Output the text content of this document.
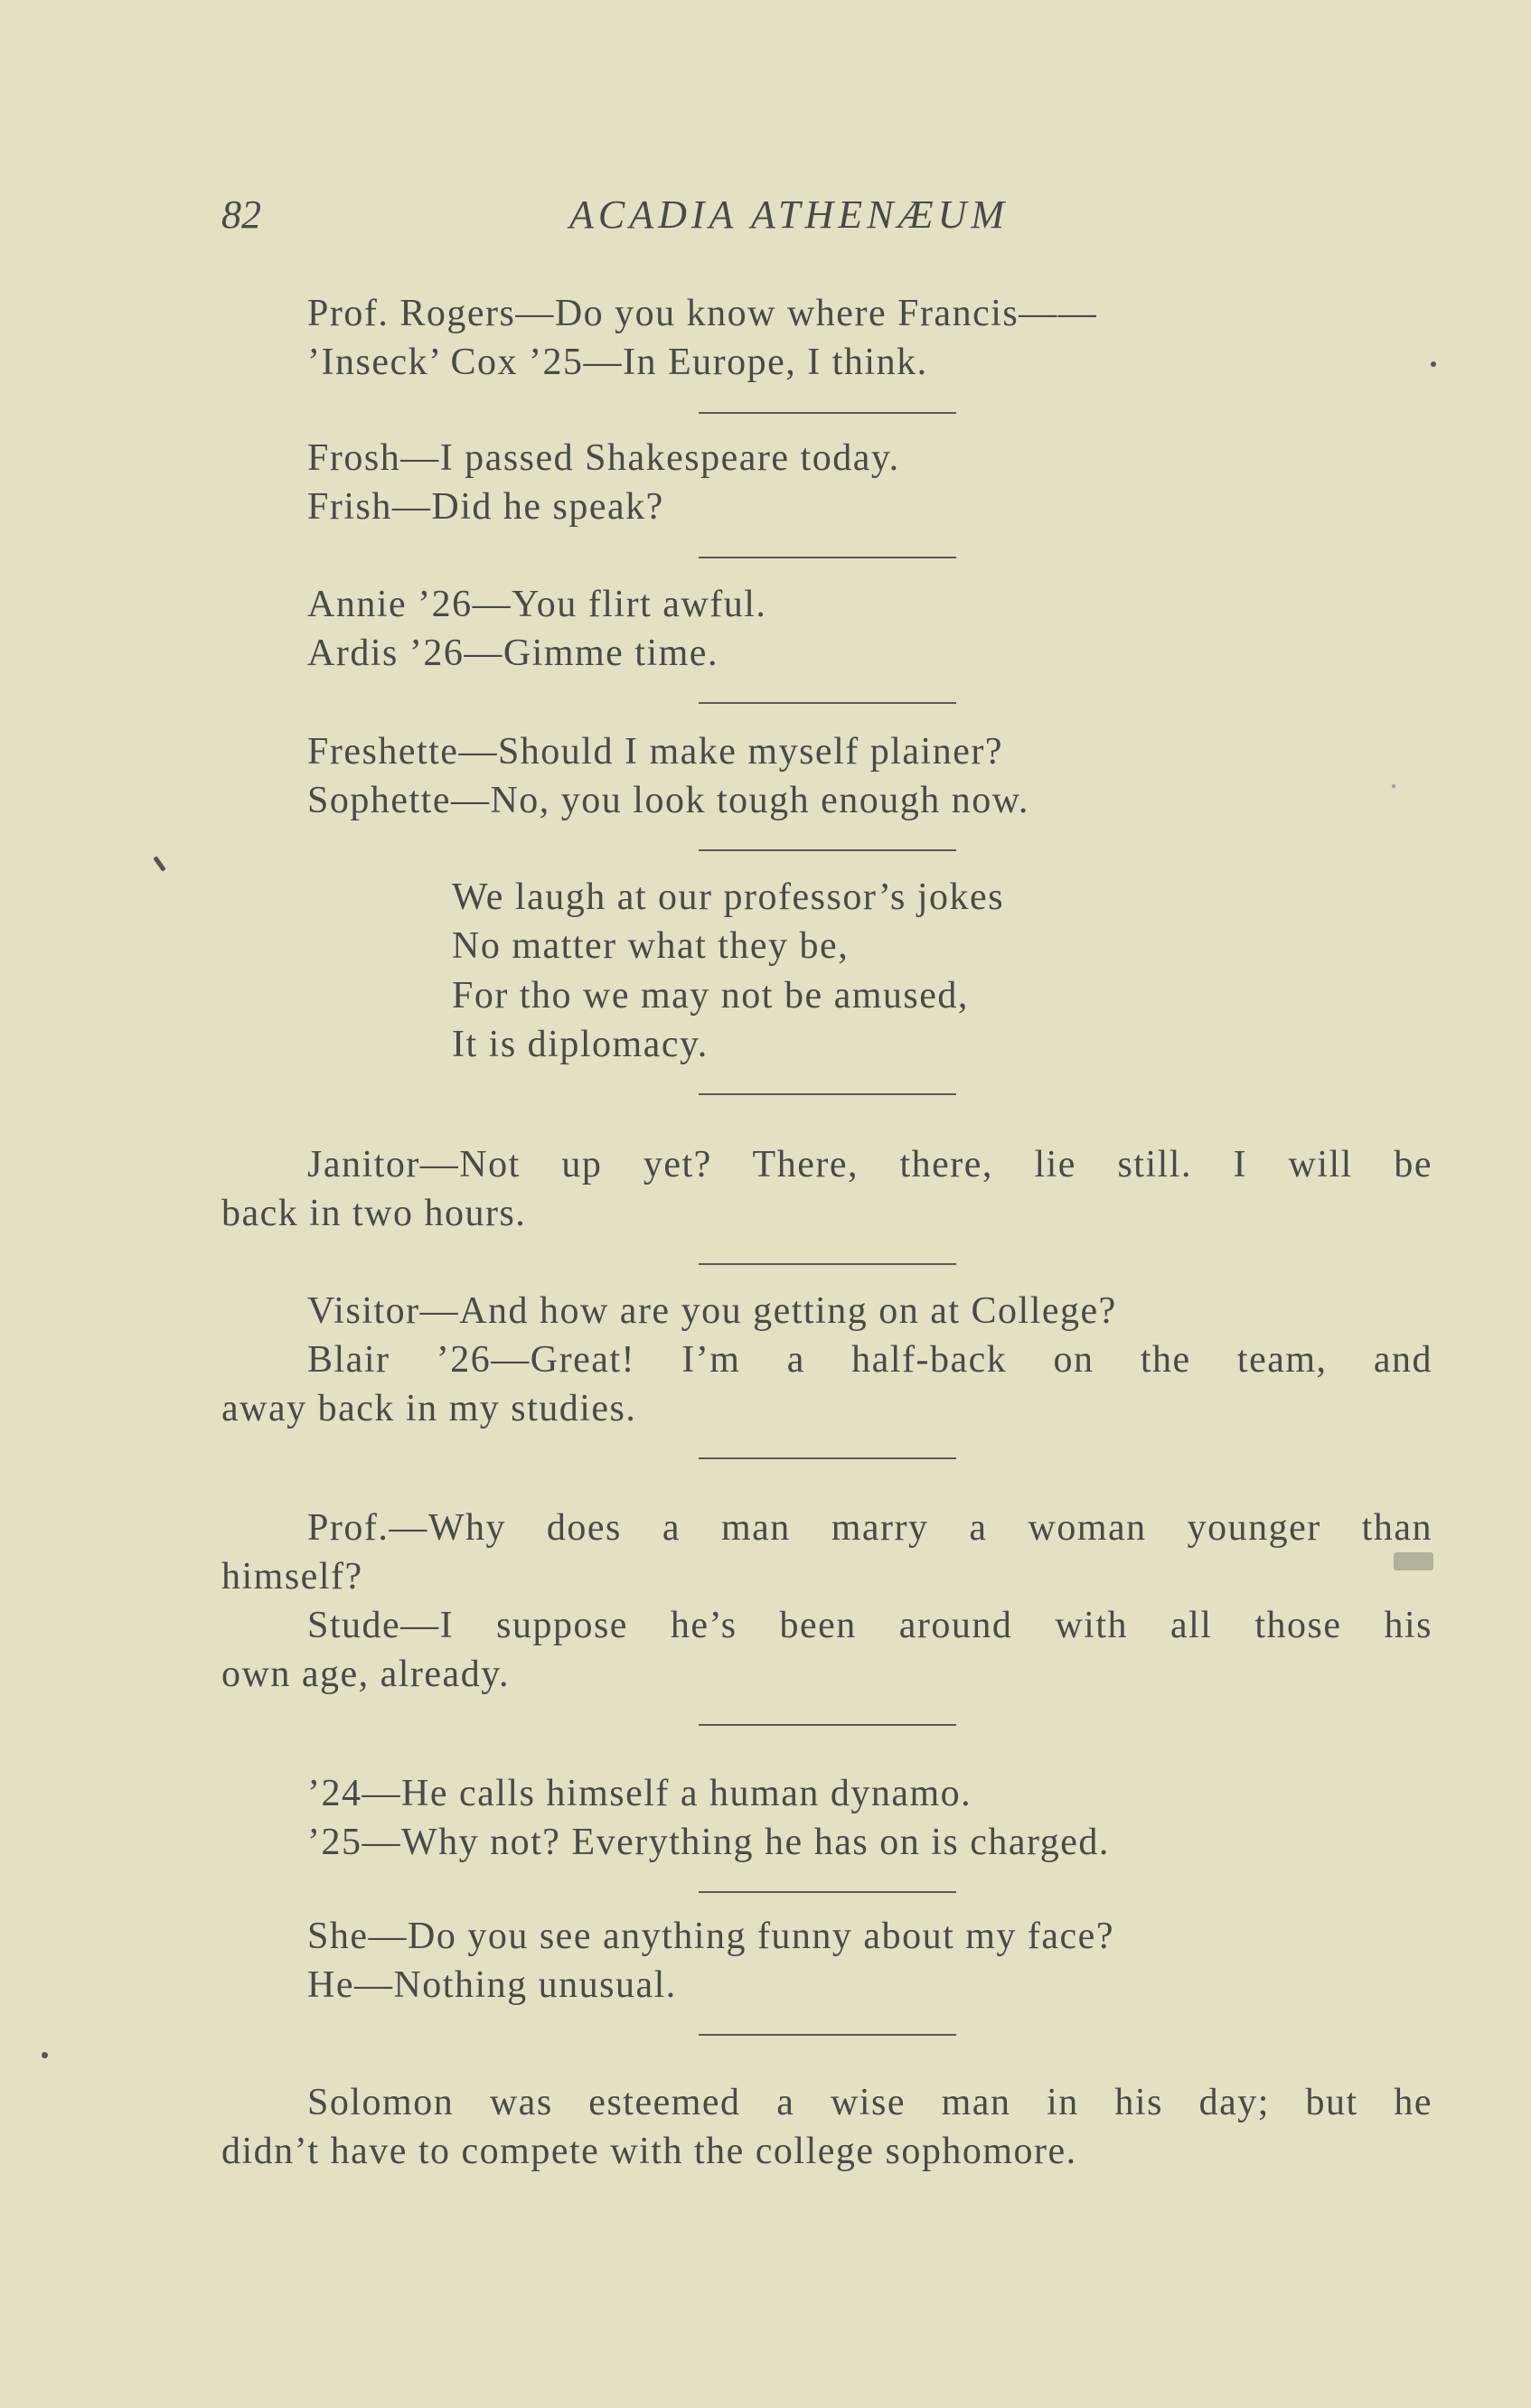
82	ACADIA ATHENÆUM
Prof. Rogers—Do you know where Francis——
’Inseck’ Cox ’25—In Europe, I think.
Frosh—I passed Shakespeare today.
Frish—Did he speak?
Annie ’26—You flirt awful.
Ardis ’26—Gimme time.
Freshette—Should I make myself plainer?
Sophette—No, you look tough enough now.
We laugh at our professor’s jokes
For tho we may not be amused,
No matter what they be,
It is diplomacy.
Janitor—Not up yet? There, there, lie still. I will be
back in two hours.
Visitor—And how are you getting on at College?
Blair ’26—Great! I’m a half-back on the team, and
away back in my studies.
Prof.—Why does a man marry a woman younger than
himself?
Stude—I suppose he’s been around with all those his
own age, already.
’24—He calls himself a human dynamo.
’25—Why not? Everything he has on is charged.
She—Do you see anything funny about my face?
He—Nothing unusual.
Solomon was esteemed a wise man in his day; but he
didn’t have to compete with the college sophomore.
